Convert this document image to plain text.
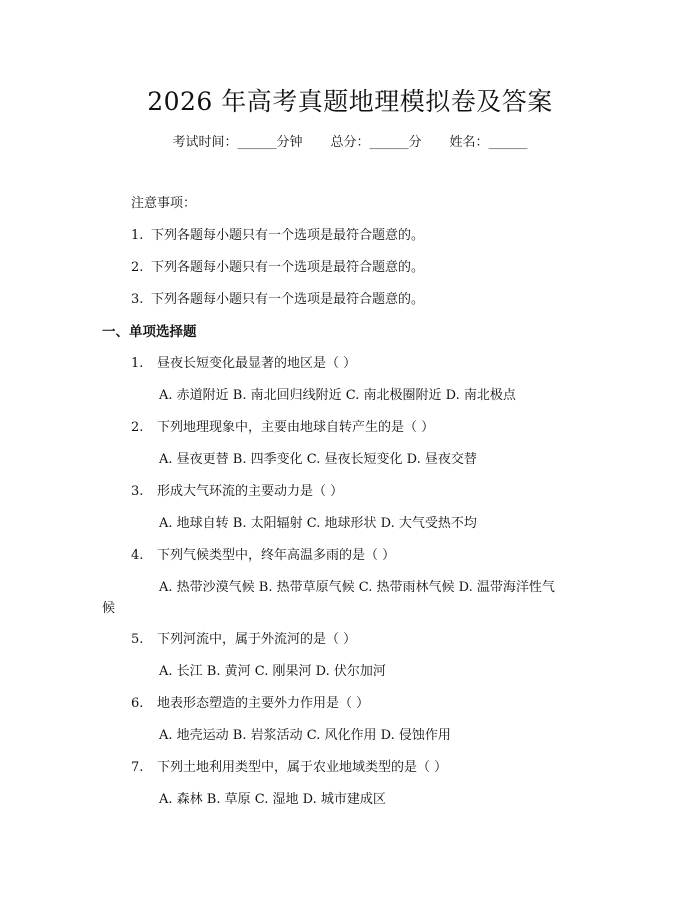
2026 年高考真题地理模拟卷及答案
考试时间：______分钟 总分：______分 姓名：______
注意事项：
1. 下列各题每小题只有一个选项是最符合题意的。
2. 下列各题每小题只有一个选项是最符合题意的。
3. 下列各题每小题只有一个选项是最符合题意的。
一、单项选择题
1. 昼夜长短变化最显著的地区是（ ）
A. 赤道附近 B. 南北回归线附近 C. 南北极圈附近 D. 南北极点
2. 下列地理现象中，主要由地球自转产生的是（ ）
A. 昼夜更替 B. 四季变化 C. 昼夜长短变化 D. 昼夜交替
3. 形成大气环流的主要动力是（ ）
A. 地球自转 B. 太阳辐射 C. 地球形状 D. 大气受热不均
4. 下列气候类型中，终年高温多雨的是（ ）
A. 热带沙漠气候 B. 热带草原气候 C. 热带雨林气候 D. 温带海洋性气
候
5. 下列河流中，属于外流河的是（ ）
A. 长江 B. 黄河 C. 刚果河 D. 伏尔加河
6. 地表形态塑造的主要外力作用是（ ）
A. 地壳运动 B. 岩浆活动 C. 风化作用 D. 侵蚀作用
7. 下列土地利用类型中，属于农业地域类型的是（ ）
A. 森林 B. 草原 C. 湿地 D. 城市建成区
